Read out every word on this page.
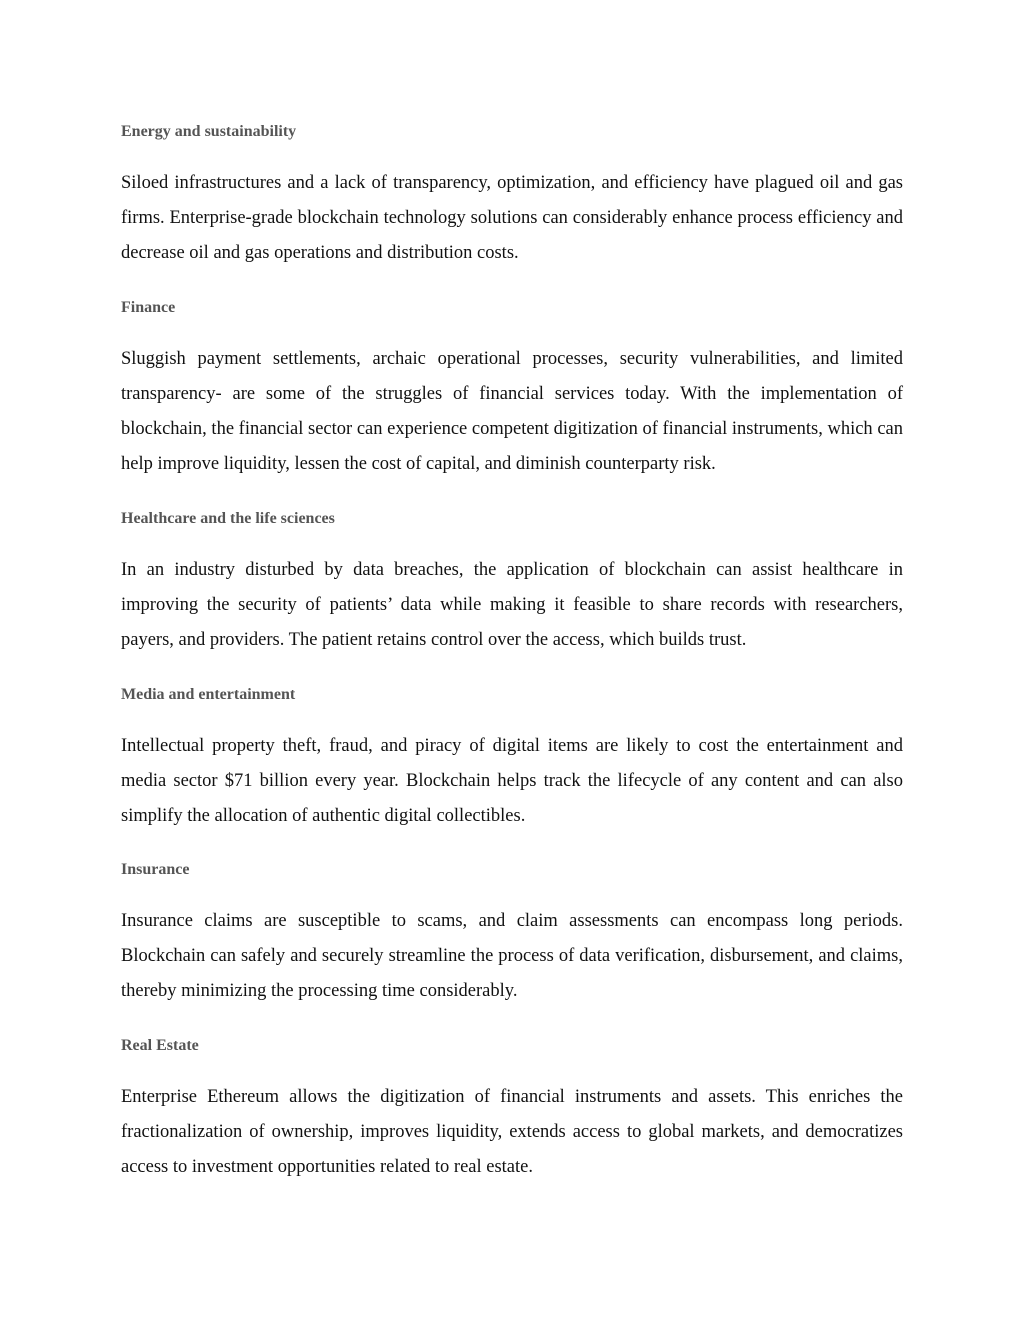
Energy and sustainability
Siloed infrastructures and a lack of transparency, optimization, and efficiency have plagued oil and gas firms. Enterprise-grade blockchain technology solutions can considerably enhance process efficiency and decrease oil and gas operations and distribution costs.
Finance
Sluggish payment settlements, archaic operational processes, security vulnerabilities, and limited transparency- are some of the struggles of financial services today. With the implementation of blockchain, the financial sector can experience competent digitization of financial instruments, which can help improve liquidity, lessen the cost of capital, and diminish counterparty risk.
Healthcare and the life sciences
In an industry disturbed by data breaches, the application of blockchain can assist healthcare in improving the security of patients’ data while making it feasible to share records with researchers, payers, and providers. The patient retains control over the access, which builds trust.
Media and entertainment
Intellectual property theft, fraud, and piracy of digital items are likely to cost the entertainment and media sector $71 billion every year. Blockchain helps track the lifecycle of any content and can also simplify the allocation of authentic digital collectibles.
Insurance
Insurance claims are susceptible to scams, and claim assessments can encompass long periods. Blockchain can safely and securely streamline the process of data verification, disbursement, and claims, thereby minimizing the processing time considerably.
Real Estate
Enterprise Ethereum allows the digitization of financial instruments and assets. This enriches the fractionalization of ownership, improves liquidity, extends access to global markets, and democratizes access to investment opportunities related to real estate.
